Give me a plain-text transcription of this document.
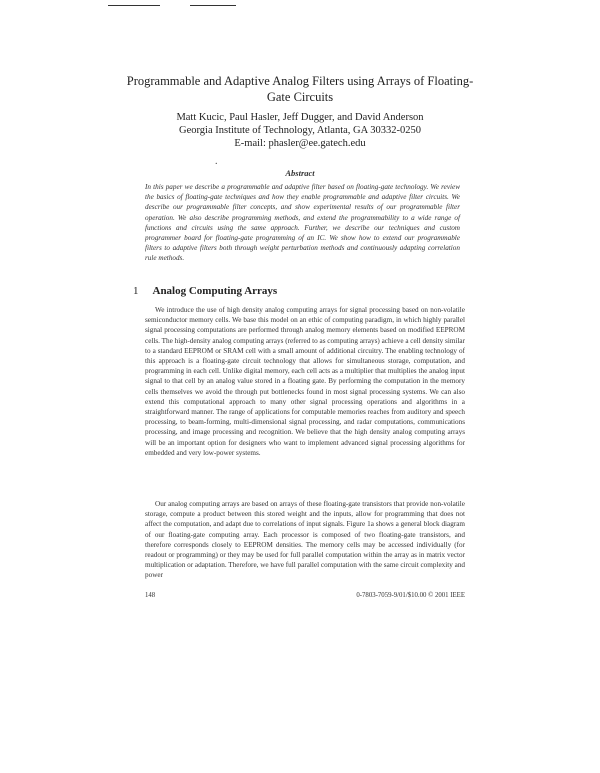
Programmable and Adaptive Analog Filters using Arrays of Floating-Gate Circuits
Matt Kucic, Paul Hasler, Jeff Dugger, and David Anderson
Georgia Institute of Technology, Atlanta, GA 30332-0250
E-mail: phasler@ee.gatech.edu
.
Abstract
In this paper we describe a programmable and adaptive filter based on floating-gate technology. We review the basics of floating-gate techniques and how they enable programmable and adaptive filter circuits. We describe our programmable filter concepts, and show experimental results of our programmable filter operation. We also describe programming methods, and extend the programmability to a wide range of functions and circuits using the same approach. Further, we describe our techniques and custom programmer board for floating-gate programming of an IC. We show how to extend our programmable filters to adaptive filters both through weight perturbation methods and continuously adapting correlation rule methods.
1 Analog Computing Arrays
We introduce the use of high density analog computing arrays for signal processing based on non-volatile semiconductor memory cells. We base this model on an ethic of computing paradigm, in which highly parallel signal processing computations are performed through analog memory elements based on modified EEPROM cells. The high-density analog computing arrays (referred to as computing arrays) achieve a cell density similar to a standard EEPROM or SRAM cell with a small amount of additional circuitry. The enabling technology of this approach is a floating-gate circuit technology that allows for simultaneous storage, computation, and programming in each cell. Unlike digital memory, each cell acts as a multiplier that multiplies the analog input signal to that cell by an analog value stored in a floating gate. By performing the computation in the memory cells themselves we avoid the through put bottlenecks found in most signal processing systems. We can also extend this computational approach to many other signal processing operations and algorithms in a straightforward manner. The range of applications for computable memories reaches from auditory and speech processing, to beam-forming, multi-dimensional signal processing, and radar computations, communications processing, and image processing and recognition. We believe that the high density analog computing arrays will be an important option for designers who want to implement advanced signal processing algorithms for embedded and very low-power systems.
Our analog computing arrays are based on arrays of these floating-gate transistors that provide non-volatile storage, compute a product between this stored weight and the inputs, allow for programming that does not affect the computation, and adapt due to correlations of input signals. Figure 1a shows a general block diagram of our floating-gate computing array. Each processor is composed of two floating-gate transistors, and therefore corresponds closely to EEPROM densities. The memory cells may be accessed individually (for readout or programming) or they may be used for full parallel computation within the array as in matrix vector multiplication or adaptation. Therefore, we have full parallel computation with the same circuit complexity and power
148	0-7803-7059-9/01/$10.00 © 2001 IEEE
